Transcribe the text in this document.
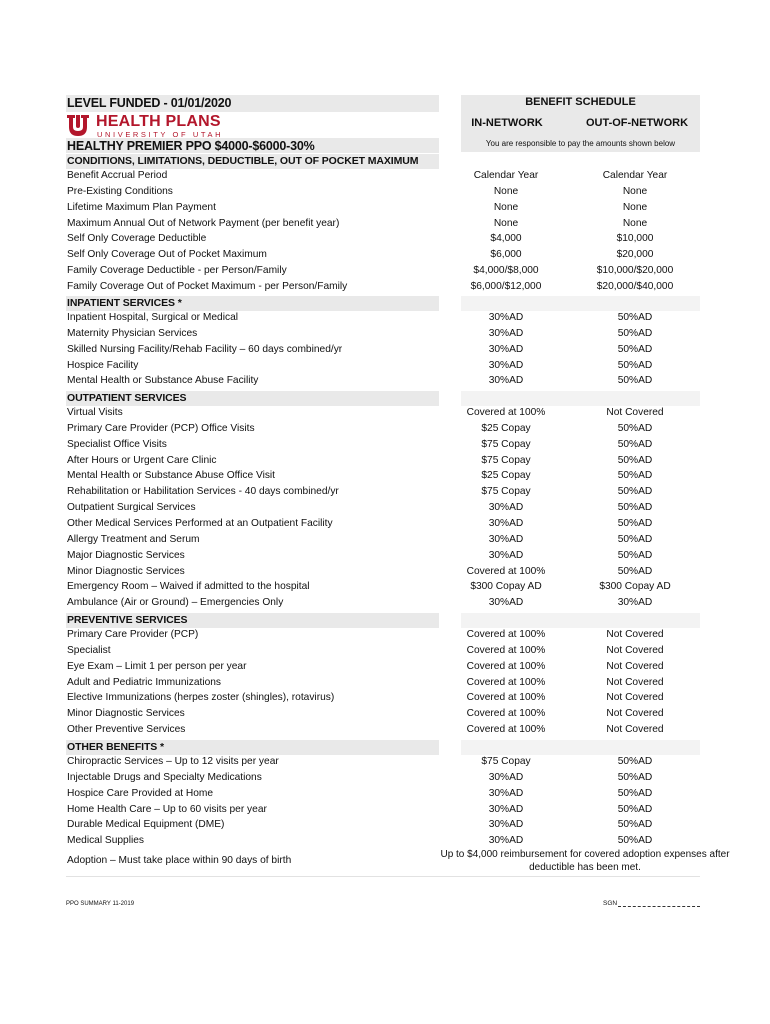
LEVEL FUNDED - 01/01/2020
HEALTH PLANS
UNIVERSITY OF UTAH
HEALTHY PREMIER PPO $4000-$6000-30%
BENEFIT SCHEDULE
IN-NETWORK	OUT-OF-NETWORK
You are responsible to pay the amounts shown below
CONDITIONS, LIMITATIONS, DEDUCTIBLE, OUT OF POCKET MAXIMUM
Benefit Accrual Period	Calendar Year	Calendar Year
Pre-Existing Conditions	None	None
Lifetime Maximum Plan Payment	None	None
Maximum Annual Out of Network Payment (per benefit year)	None	None
Self Only Coverage Deductible	$4,000	$10,000
Self Only Coverage Out of Pocket Maximum	$6,000	$20,000
Family Coverage Deductible - per Person/Family	$4,000/$8,000	$10,000/$20,000
Family Coverage Out of Pocket Maximum - per Person/Family	$6,000/$12,000	$20,000/$40,000
INPATIENT SERVICES *
Inpatient Hospital, Surgical or Medical	30%AD	50%AD
Maternity Physician Services	30%AD	50%AD
Skilled Nursing Facility/Rehab Facility – 60 days combined/yr	30%AD	50%AD
Hospice Facility	30%AD	50%AD
Mental Health or Substance Abuse Facility	30%AD	50%AD
OUTPATIENT SERVICES
Virtual Visits	Covered at 100%	Not Covered
Primary Care Provider (PCP) Office Visits	$25 Copay	50%AD
Specialist Office Visits	$75 Copay	50%AD
After Hours or Urgent Care Clinic	$75 Copay	50%AD
Mental Health or Substance Abuse Office Visit	$25 Copay	50%AD
Rehabilitation or Habilitation Services - 40 days combined/yr	$75 Copay	50%AD
Outpatient Surgical Services	30%AD	50%AD
Other Medical Services Performed at an Outpatient Facility	30%AD	50%AD
Allergy Treatment and Serum	30%AD	50%AD
Major Diagnostic Services	30%AD	50%AD
Minor Diagnostic Services	Covered at 100%	50%AD
Emergency Room – Waived if admitted to the hospital	$300 Copay AD	$300 Copay AD
Ambulance (Air or Ground) – Emergencies Only	30%AD	30%AD
PREVENTIVE SERVICES
Primary Care Provider (PCP)	Covered at 100%	Not Covered
Specialist	Covered at 100%	Not Covered
Eye Exam – Limit 1 per person per year	Covered at 100%	Not Covered
Adult and Pediatric Immunizations	Covered at 100%	Not Covered
Elective Immunizations (herpes zoster (shingles), rotavirus)	Covered at 100%	Not Covered
Minor Diagnostic Services	Covered at 100%	Not Covered
Other Preventive Services	Covered at 100%	Not Covered
OTHER BENEFITS *
Chiropractic Services – Up to 12 visits per year	$75 Copay	50%AD
Injectable Drugs and Specialty Medications	30%AD	50%AD
Hospice Care Provided at Home	30%AD	50%AD
Home Health Care – Up to 60 visits per year	30%AD	50%AD
Durable Medical Equipment (DME)	30%AD	50%AD
Medical Supplies	30%AD	50%AD
Adoption – Must take place within 90 days of birth
Up to $4,000 reimbursement for covered adoption expenses after deductible has been met.
PPO SUMMARY 11-2019	SGN
